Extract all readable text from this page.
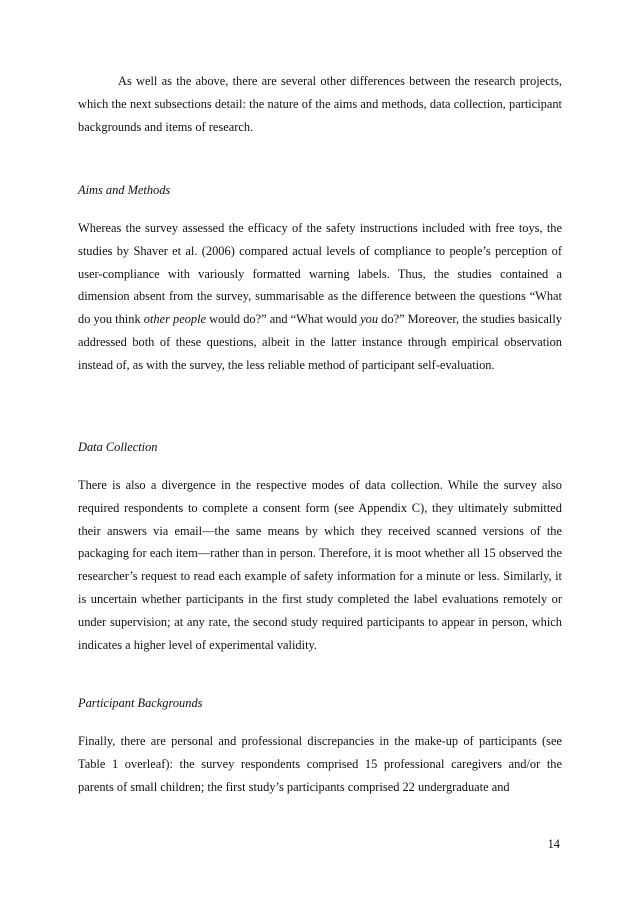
As well as the above, there are several other differences between the research projects, which the next subsections detail: the nature of the aims and methods, data collection, participant backgrounds and items of research.

Aims and Methods

Whereas the survey assessed the efficacy of the safety instructions included with free toys, the studies by Shaver et al. (2006) compared actual levels of compliance to people’s perception of user-compliance with variously formatted warning labels. Thus, the studies contained a dimension absent from the survey, summarisable as the difference between the questions “What do you think other people would do?” and “What would you do?” Moreover, the studies basically addressed both of these questions, albeit in the latter instance through empirical observation instead of, as with the survey, the less reliable method of participant self-evaluation.

Data Collection

There is also a divergence in the respective modes of data collection. While the survey also required respondents to complete a consent form (see Appendix C), they ultimately submitted their answers via email—the same means by which they received scanned versions of the packaging for each item—rather than in person. Therefore, it is moot whether all 15 observed the researcher’s request to read each example of safety information for a minute or less. Similarly, it is uncertain whether participants in the first study completed the label evaluations remotely or under supervision; at any rate, the second study required participants to appear in person, which indicates a higher level of experimental validity.

Participant Backgrounds

Finally, there are personal and professional discrepancies in the make-up of participants (see Table 1 overleaf): the survey respondents comprised 15 professional caregivers and/or the parents of small children; the first study’s participants comprised 22 undergraduate and

14
